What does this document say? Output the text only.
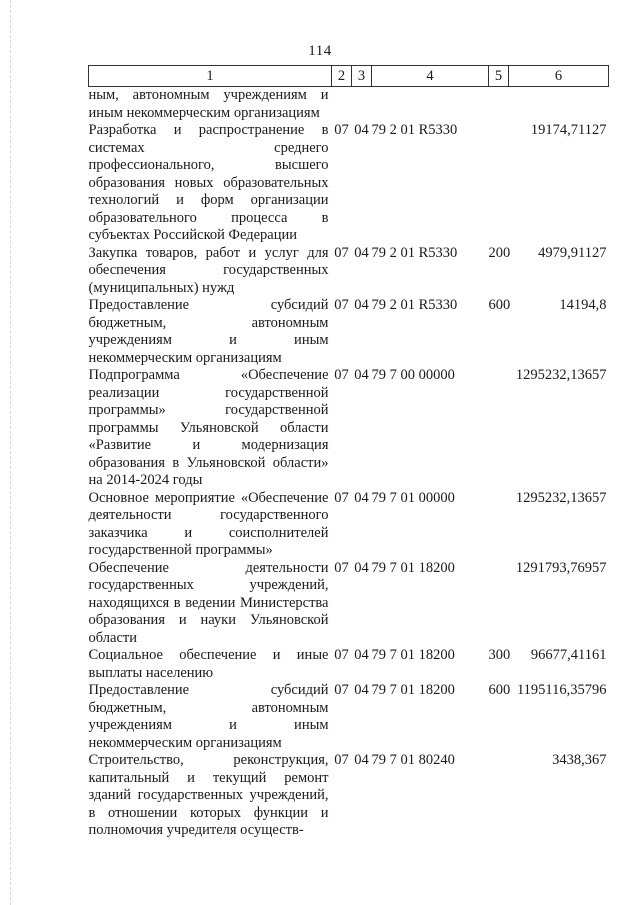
114
1	2	3	4	5	6
ным, автономным учреждениям и иным некоммерческим организациям					
Разработка и распространение в системах среднего профессионального, высшего образования новых образовательных технологий и форм организации образовательного процесса в субъектах Российской Федерации	07	04	79 2 01 R5330		19174,71127
Закупка товаров, работ и услуг для обеспечения государственных (муниципальных) нужд	07	04	79 2 01 R5330	200	4979,91127
Предоставление субсидий бюджетным, автономным учреждениям и иным некоммерческим организациям	07	04	79 2 01 R5330	600	14194,8
Подпрограмма «Обеспечение реализации государственной программы» государственной программы Ульяновской области «Развитие и модернизация образования в Ульяновской области» на 2014-2024 годы	07	04	79 7 00 00000		1295232,13657
Основное мероприятие «Обеспечение деятельности государственного заказчика и соисполнителей государственной программы»	07	04	79 7 01 00000		1295232,13657
Обеспечение деятельности государственных учреждений, находящихся в ведении Министерства образования и науки Ульяновской области	07	04	79 7 01 18200		1291793,76957
Социальное обеспечение и иные выплаты населению	07	04	79 7 01 18200	300	96677,41161
Предоставление субсидий бюджетным, автономным учреждениям и иным некоммерческим организациям	07	04	79 7 01 18200	600	1195116,35796
Строительство, реконструкция, капитальный и текущий ремонт зданий государственных учреждений, в отношении которых функции и полномочия учредителя осуществ-	07	04	79 7 01 80240		3438,367
